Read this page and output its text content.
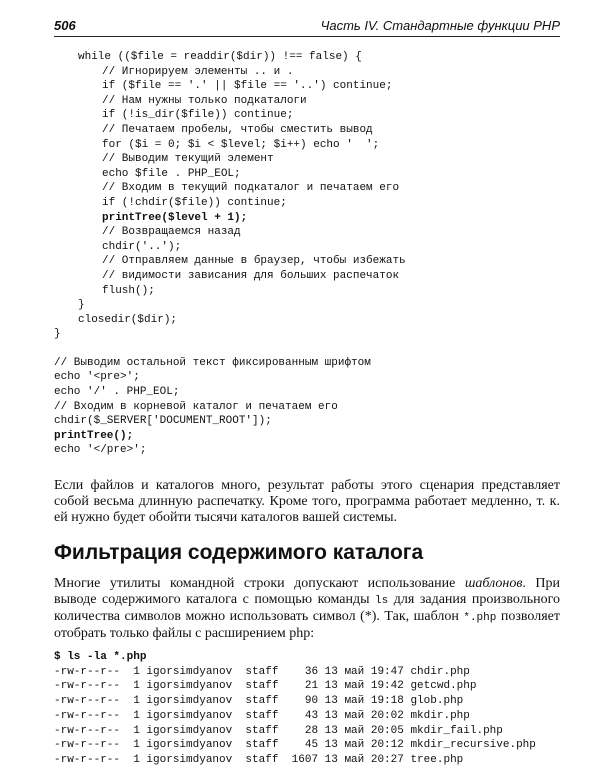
506	Часть IV. Стандартные функции PHP
while (($file = readdir($dir)) !== false) {
// Игнорируем элементы .. и .
if ($file == '.' || $file == '..') continue;
// Нам нужны только подкаталоги
if (!is_dir($file)) continue;
// Печатаем пробелы, чтобы сместить вывод
for ($i = 0; $i < $level; $i++) echo '  ';
// Выводим текущий элемент
echo $file . PHP_EOL;
// Входим в текущий подкаталог и печатаем его
if (!chdir($file)) continue;
printTree($level + 1);
// Возвращаемся назад
chdir('..');
// Отправляем данные в браузер, чтобы избежать
// видимости зависания для больших распечаток
flush();
}
closedir($dir);
}
// Выводим остальной текст фиксированным шрифтом
echo '<pre>';
echo '/' . PHP_EOL;
// Входим в корневой каталог и печатаем его
chdir($_SERVER['DOCUMENT_ROOT']);
printTree();
echo '</pre>';

Если файлов и каталогов много, результат работы этого сценария представляет собой весьма длинную распечатку. Кроме того, программа работает медленно, т. к. ей нужно будет обойти тысячи каталогов вашей системы.

Фильтрация содержимого каталога

Многие утилиты командной строки допускают использование шаблонов. При выводе содержимого каталога с помощью команды ls для задания произвольного количества символов можно использовать символ (*). Так, шаблон *.php позволяет отобрать только файлы с расширением php:

$ ls -la *.php
-rw-r--r--  1 igorsimdyanov  staff    36 13 май 19:47 chdir.php
-rw-r--r--  1 igorsimdyanov  staff    21 13 май 19:42 getcwd.php
-rw-r--r--  1 igorsimdyanov  staff    90 13 май 19:18 glob.php
-rw-r--r--  1 igorsimdyanov  staff    43 13 май 20:02 mkdir.php
-rw-r--r--  1 igorsimdyanov  staff    28 13 май 20:05 mkdir_fail.php
-rw-r--r--  1 igorsimdyanov  staff    45 13 май 20:12 mkdir_recursive.php
-rw-r--r--  1 igorsimdyanov  staff  1607 13 май 20:27 tree.php
